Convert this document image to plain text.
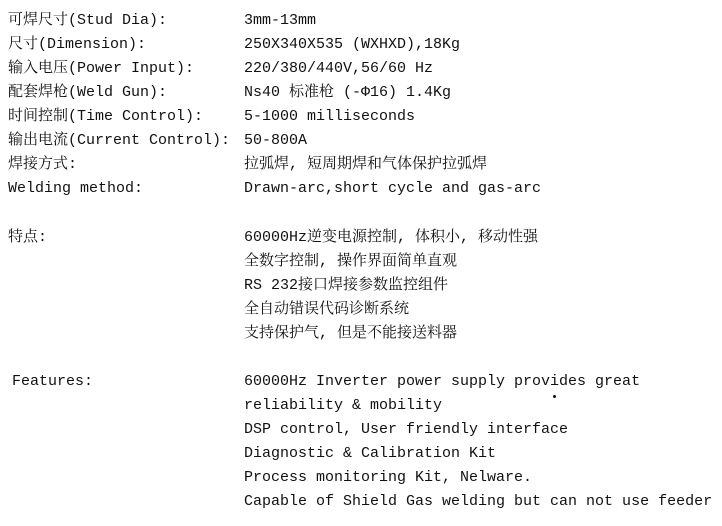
可焊尺寸(Stud Dia):	3mm-13mm
尺寸(Dimension):	250X340X535 (WXHXD),18Kg
输入电压(Power Input):	220/380/440V,56/60 Hz
配套焊枪(Weld Gun):	Ns40 标准枪 (-Φ16) 1.4Kg
时间控制(Time Control):	5-1000 milliseconds
输出电流(Current Control): 50-800A
焊接方式:	拉弧焊, 短周期焊和气体保护拉弧焊
Welding method:	Drawn-arc,short cycle and gas-arc
特点:	60000Hz逆变电源控制, 体积小, 移动性强
全数字控制, 操作界面简单直观
RS 232接口焊接参数监控组件
全自动错误代码诊断系统
支持保护气, 但是不能接送料器
Features:	60000Hz Inverter power supply provides great
reliability & mobility
DSP control, User friendly interface
Diagnostic & Calibration Kit
Process monitoring Kit, Nelware.
Capable of Shield Gas welding but can not use feeder
